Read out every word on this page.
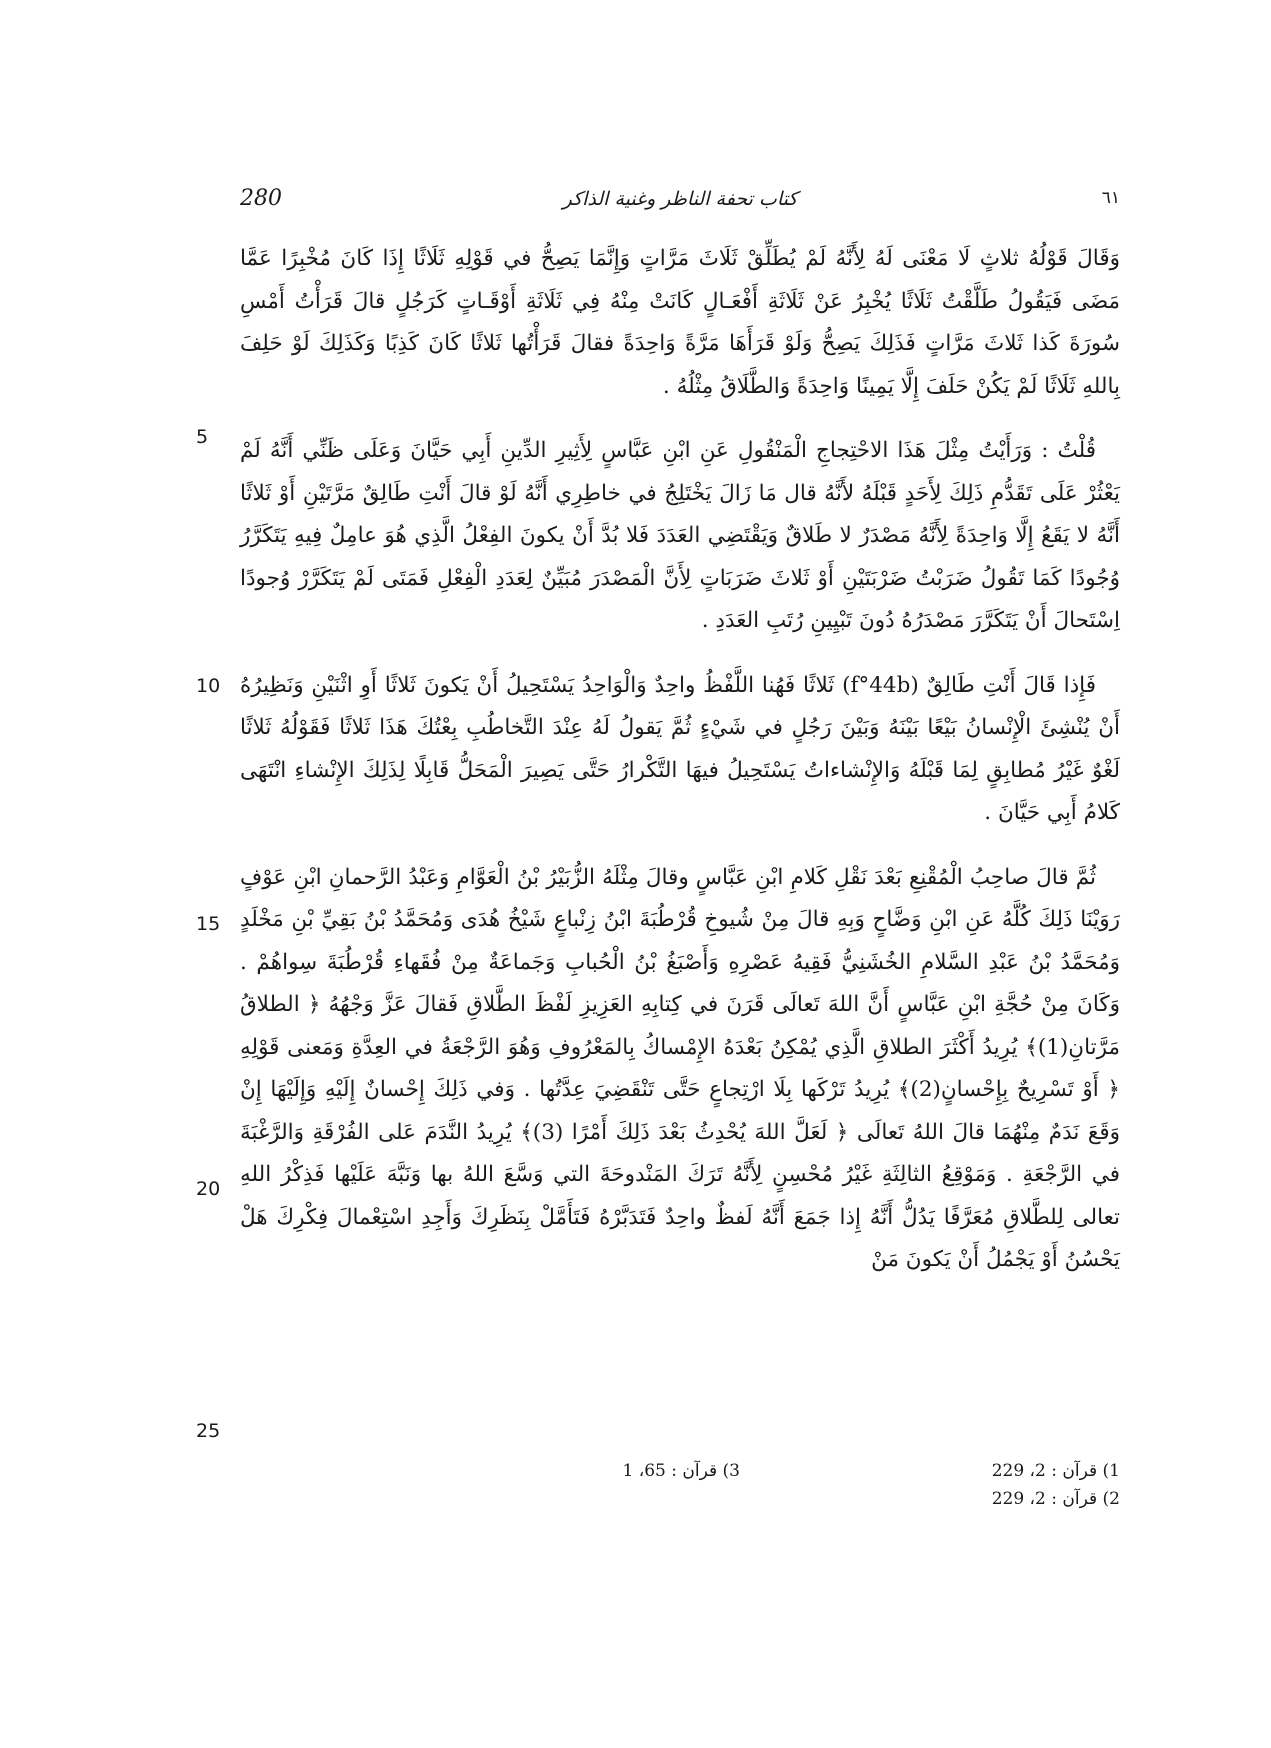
280	كتاب تحفة الناظر وغنية الذاكر	٦١

وَقَالَ قَوْلُهُ ثلاثٍ لَا مَعْنَى لَهُ لِأَنَّهُ لَمْ يُطَلِّقْ ثَلَاثَ مَرَّاتٍ وَإِنَّمَا يَصِحُّ في قَوْلِهِ ثَلَاثًا إِذَا كَانَ مُخْبِرًا عَمَّا مَضَى فَيَقُولُ طَلَّقْتُ ثَلَاثًا يُخْبِرُ عَنْ ثَلَاثَةِ أَفْعَـالٍ كَانَتْ مِنْهُ فِي ثَلَاثَةِ أَوْقَـاتٍ كَرَجُلٍ قالَ قَرَأْتُ أَمْسِ سُورَةَ كَذا ثَلاثَ مَرَّاتٍ فَذَلِكَ يَصِحُّ وَلَوْ قَرَأَهَا مَرَّةً وَاحِدَةً فقالَ قَرَأْتُها ثَلاثًا كَانَ كَذِبًا وَكَذَلِكَ لَوْ حَلِفَ بِاللهِ ثَلَاثًا لَمْ يَكُنْ حَلَفَ إِلَّا يَمِينًا وَاحِدَةً وَالطَّلَاقُ مِثْلُهُ .

قُلْتُ : وَرَأَيْتُ مِثْلَ هَذَا الاحْتِجاجِ الْمَنْقُولِ عَنِ ابْنِ عَبَّاسٍ لِأَثِيرِ الدِّينِ أَبِي حَيَّانَ وَعَلَى ظَنِّي أَنَّهُ لَمْ يَعْثُرْ عَلَى تَقَدُّمِ ذَلِكَ لِأَحَدٍ قَبْلَهُ لأَنَّهُ قال مَا زَالَ يَخْتَلِجُ في خاطِرِي أَنَّهُ لَوْ قالَ أَنْتِ طَالِقٌ مَرَّتَيْنِ أَوْ ثَلاثًا أَنَّهُ لا يَقَعُ إِلَّا وَاحِدَةً لِأَنَّهُ مَصْدَرٌ لا طَلاقٌ وَيَقْتَضِي العَدَدَ فَلا بُدَّ أَنْ يكونَ الفِعْلُ الَّذِي هُوَ عامِلٌ فِيهِ يَتَكَرَّرُ وُجُودًا كَمَا تَقُولُ ضَرَبْتُ ضَرْبَتَيْنِ أَوْ ثَلاثَ ضَرَبَاتٍ لِأَنَّ الْمَصْدَرَ مُبَيِّنٌ لِعَدَدِ الْفِعْلِ فَمَتَى لَمْ يَتَكَرَّرْ وُجودًا اِسْتَحالَ أَنْ يَتَكَرَّرَ مَصْدَرُهُ دُونَ تَبْيِينِ رُتَبِ العَدَدِ .

فَإِذا قَالَ أَنْتِ طَالِقٌ (f°44b) ثَلاثًا فَهُنا اللَّفْظُ واحِدٌ وَالْوَاحِدُ يَسْتَحِيلُ أَنْ يَكونَ ثَلاثًا أَوِ اثْنَيْنِ وَنَظِيرُهُ أَنْ يُنْشِئَ الْإِنْسانُ بَيْعًا بَيْنَهُ وَبَيْنَ رَجُلٍ في شَيْءٍ ثُمَّ يَقولُ لَهُ عِنْدَ التَّخاطُبِ بِعْتُكَ هَذَا ثَلاثًا فَقَوْلُهُ ثَلاثًا لَغْوٌ غَيْرُ مُطابِقٍ لِمَا قَبْلَهُ وَالإِنْشاءاتُ يَسْتَحِيلُ فيهَا التَّكْرارُ حَتَّى يَصِيرَ الْمَحَلُّ قَابِلًا لِذَلِكَ الإِنْشاءِ انْتَهَى كَلامُ أَبِي حَيَّانَ .

ثُمَّ قالَ صاحِبُ الْمُقْنِعِ بَعْدَ نَقْلِ كَلامِ ابْنِ عَبَّاسٍ وقالَ مِثْلَهُ الزُّبَيْرُ بْنُ الْعَوَّامِ وَعَبْدُ الرَّحمانِ ابْنِ عَوْفٍ رَوَيْنَا ذَلِكَ كُلَّهُ عَنِ ابْنِ وَضَّاحٍ وَبِهِ قالَ مِنْ شُيوخِ قُرْطُبَةَ ابْنُ زِنْباعٍ شَيْخُ هُدَى وَمُحَمَّدُ بْنُ بَقِيِّ بْنِ مَخْلَدٍ وَمُحَمَّدُ بْنُ عَبْدِ السَّلامِ الخُشَنِيُّ فَقِيهُ عَصْرِهِ وَأَصْبَغُ بْنُ الْحُبابِ وَجَماعَةٌ مِنْ فُقَهاءِ قُرْطُبَةَ سِواهُمْ . وَكَانَ مِنْ حُجَّةِ ابْنِ عَبَّاسٍ أَنَّ اللهَ تَعالَى قَرَنَ في كِتابِهِ العَزِيزِ لَفْظَ الطَّلاقِ فَقالَ عَزَّ وَجْهُهُ ﴿ الطلاقُ مَرَّتانِ(1)﴾ يُرِيدُ أَكْثَرَ الطلاقِ الَّذِي يُمْكِنُ بَعْدَهُ الإِمْساكُ بِالمَعْرُوفِ وَهُوَ الرَّجْعَةُ في العِدَّةِ وَمَعنى قَوْلِهِ ﴿ أَوْ تَسْرِيحٌ بِإِحْسانٍ(2)﴾ يُرِيدُ تَرْكَها بِلَا ارْتِجاعٍ حَتَّى تَنْقَضِيَ عِدَّتُها . وَفي ذَلِكَ إِحْسانٌ إِلَيْهِ وَإِلَيْهَا إِنْ وَقَعَ نَدَمٌ مِنْهُمَا قالَ اللهُ تَعالَى ﴿ لَعَلَّ اللهَ يُحْدِثُ بَعْدَ ذَلِكَ أَمْرًا (3)﴾ يُرِيدُ النَّدَمَ عَلى الفُرْقَةِ وَالرَّغْبَةَ في الرَّجْعَةِ . وَمَوْقِعُ الثالِثَةِ غَيْرُ مُحْسِنٍ لِأَنَّهُ تَرَكَ المَنْدوحَةَ التي وَسَّعَ اللهُ بها وَنَبَّهَ عَلَيْها فَذِكْرُ اللهِ تعالى لِلطَّلاقِ مُعَرَّفًا يَدُلُّ أَنَّهُ إِذا جَمَعَ أَنَّهُ لَفظٌ واحِدٌ فَتَدَبَّرْهُ فَتَأَمَّلْ بِنَظَرِكَ وَأَجِدِ اسْتِعْمالَ فِكْرِكَ هَلْ يَحْسُنُ أَوْ يَجْمُلُ أَنْ يَكونَ مَنْ

5
10
15
20
25
1) قرآن : 2، 229
2) قرآن : 2، 229
3) قرآن : 65، 1
